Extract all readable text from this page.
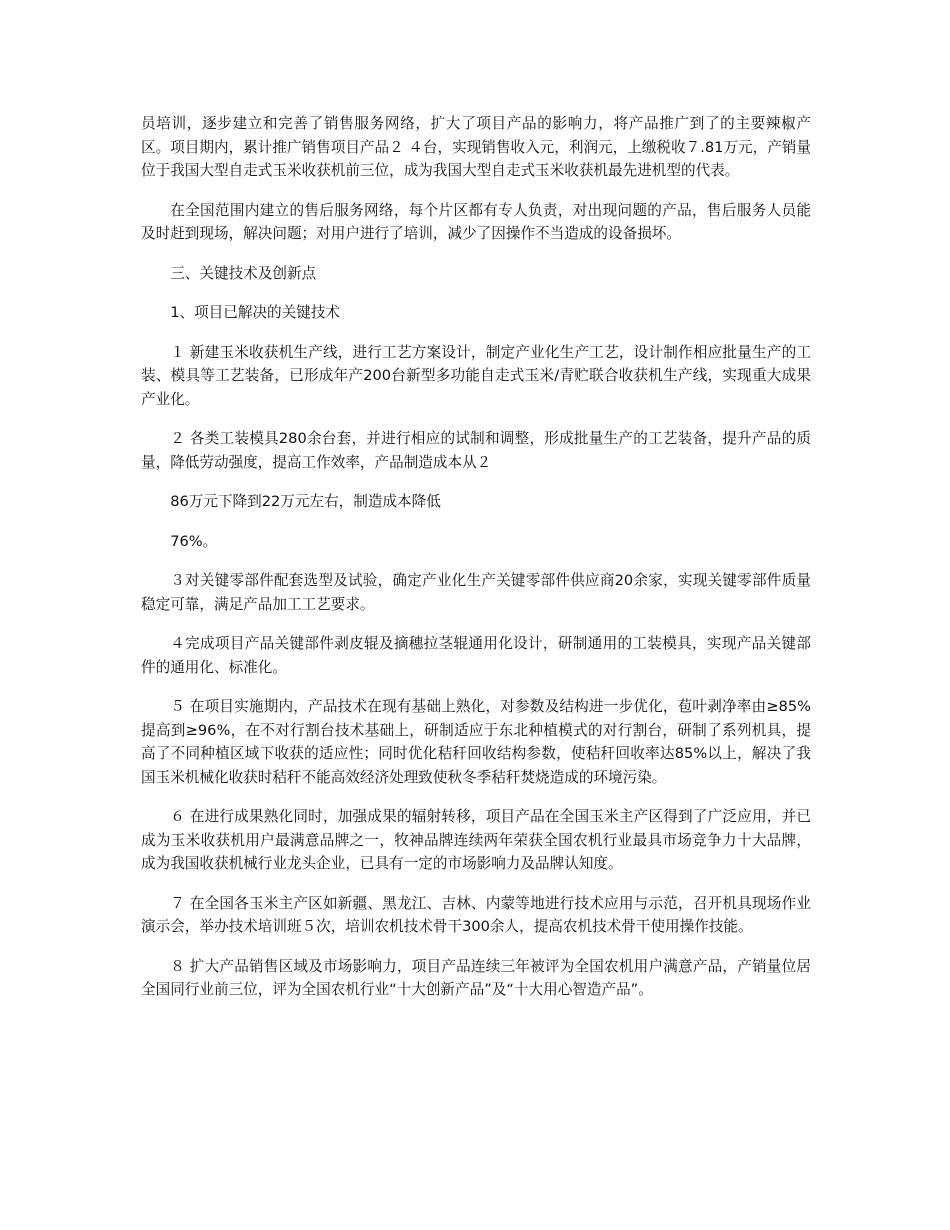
员培训，逐步建立和完善了销售服务网络，扩大了项目产品的影响力，将产品推广到了的主要辣椒产区。项目期内，累计推广销售项目产品２ ４台，实现销售收入元，利润元，上缴税收７.81万元，产销量位于我国大型自走式玉米收获机前三位，成为我国大型自走式玉米收获机最先进机型的代表。

在全国范围内建立的售后服务网络，每个片区都有专人负责，对出现问题的产品，售后服务人员能及时赶到现场，解决问题；对用户进行了培训，减少了因操作不当造成的设备损坏。

三、关键技术及创新点

1、项目已解决的关键技术

１ 新建玉米收获机生产线，进行工艺方案设计，制定产业化生产工艺，设计制作相应批量生产的工装、模具等工艺装备，已形成年产200台新型多功能自走式玉米/青贮联合收获机生产线，实现重大成果产业化。

２ 各类工装模具280余台套，并进行相应的试制和调整，形成批量生产的工艺装备，提升产品的质量，降低劳动强度，提高工作效率，产品制造成本从２

86万元下降到22万元左右，制造成本降低

76%。

３对关键零部件配套选型及试验，确定产业化生产关键零部件供应商20余家，实现关键零部件质量稳定可靠，满足产品加工工艺要求。

４完成项目产品关键部件剥皮辊及摘穗拉茎辊通用化设计，研制通用的工装模具，实现产品关键部件的通用化、标准化。

５ 在项目实施期内，产品技术在现有基础上熟化，对参数及结构进一步优化，苞叶剥净率由≥85%提高到≥96%，在不对行割台技术基础上，研制适应于东北种植模式的对行割台，研制了系列机具，提高了不同种植区域下收获的适应性；同时优化秸秆回收结构参数，使秸秆回收率达85%以上，解决了我国玉米机械化收获时秸秆不能高效经济处理致使秋冬季秸秆焚烧造成的环境污染。

６ 在进行成果熟化同时，加强成果的辐射转移，项目产品在全国玉米主产区得到了广泛应用，并已成为玉米收获机用户最满意品牌之一，牧神品牌连续两年荣获全国农机行业最具市场竞争力十大品牌，成为我国收获机械行业龙头企业，已具有一定的市场影响力及品牌认知度。

７ 在全国各玉米主产区如新疆、黑龙江、吉林、内蒙等地进行技术应用与示范，召开机具现场作业演示会，举办技术培训班５次，培训农机技术骨干300余人，提高农机技术骨干使用操作技能。

８ 扩大产品销售区域及市场影响力，项目产品连续三年被评为全国农机用户满意产品，产销量位居全国同行业前三位，评为全国农机行业“十大创新产品”及“十大用心智造产品”。
